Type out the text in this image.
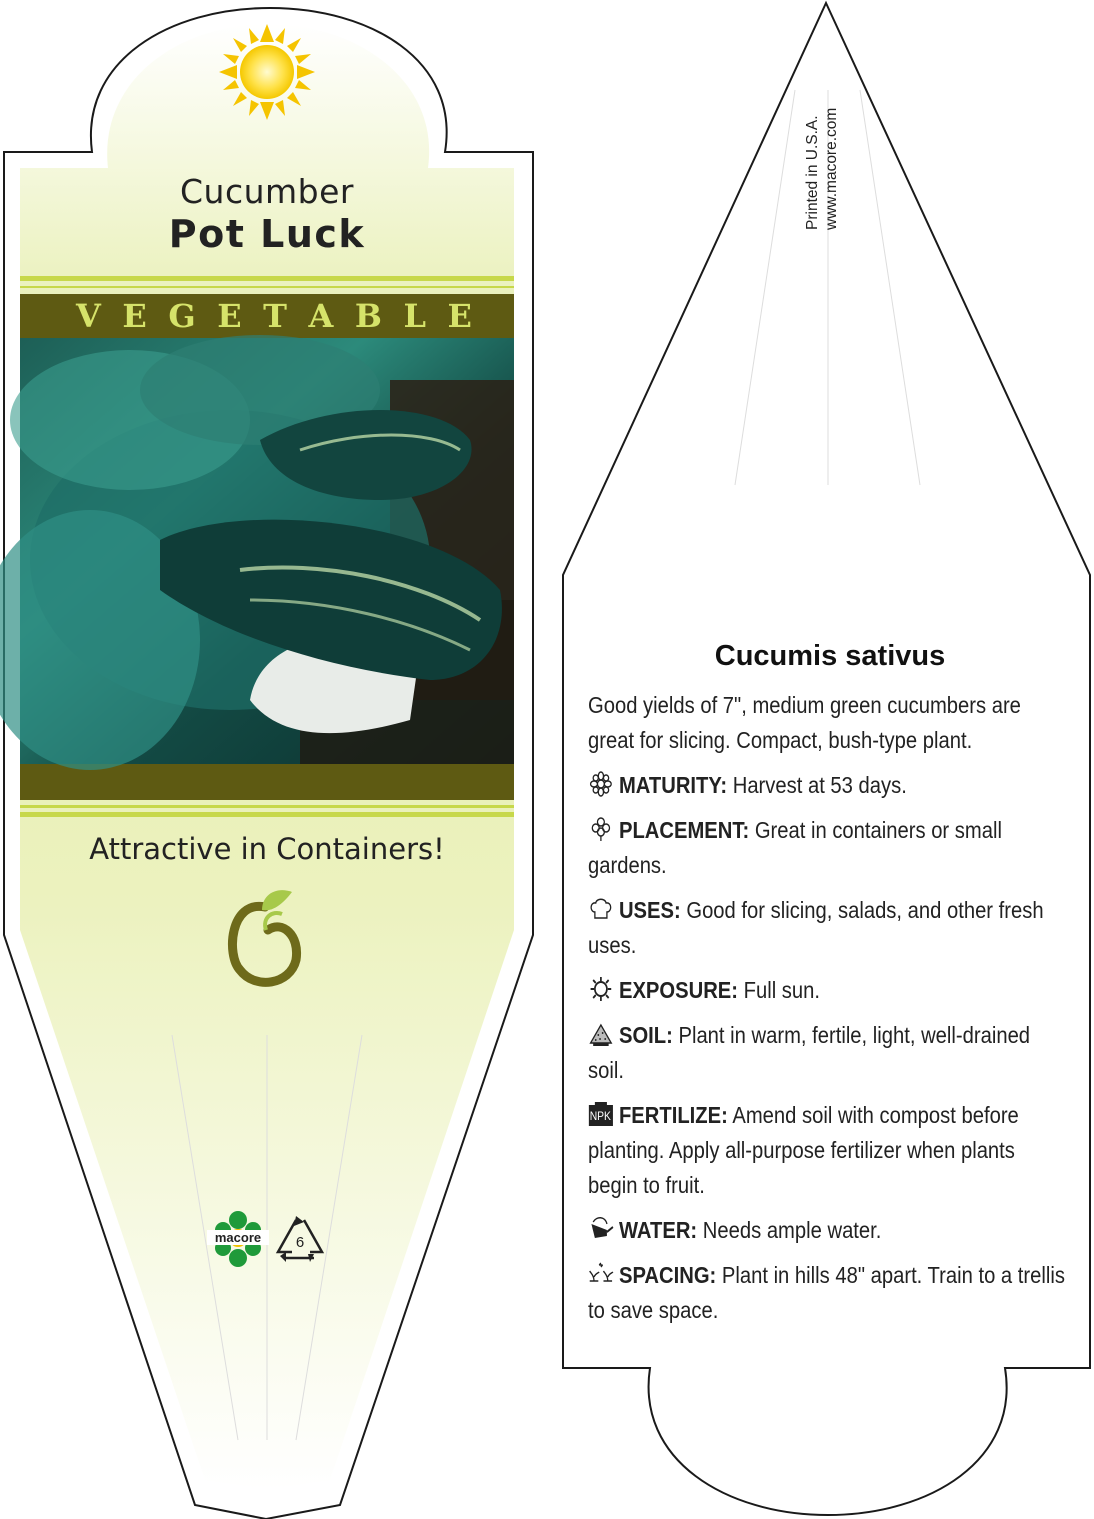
Cucumber
Pot Luck
V E G E T A B L E
Attractive in Containers!
macore	6
Printed in U.S.A. www.macore.com
Cucumis sativus

Good yields of 7", medium green cucumbers are great for slicing. Compact, bush-type plant.

MATURITY: Harvest at 53 days.

PLACEMENT: Great in containers or small gardens.

USES: Good for slicing, salads, and other fresh uses.

EXPOSURE: Full sun.

SOIL: Plant in warm, fertile, light, well-drained soil.

NPK FERTILIZE: Amend soil with compost before planting. Apply all-purpose fertilizer when plants begin to fruit.

WATER: Needs ample water.

SPACING: Plant in hills 48" apart. Train to a trellis to save space.
